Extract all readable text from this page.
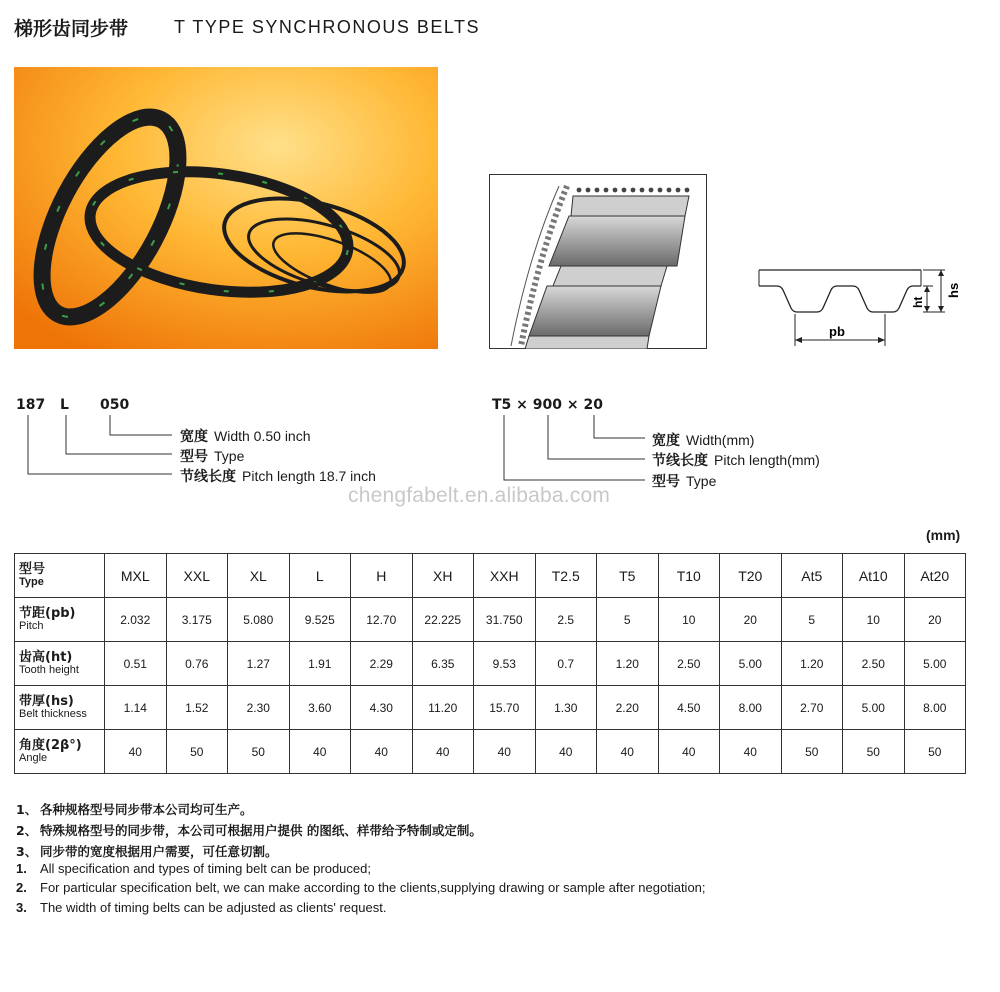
梯形齿同步带	T TYPE SYNCHRONOUS BELTS
pb
ht
hs
187 L 050
宽度 Width 0.50 inch
型号 Type
节线长度 Pitch length 18.7 inch
T5 × 900 × 20
宽度 Width(mm)
节线长度 Pitch length(mm)
型号 Type
chengfabelt.en.alibaba.com
(mm)
型号
Type	MXL	XXL	XL	L	H	XH	XXH	T2.5	T5	T10	T20	At5	At10	At20

节距(pb)
Pitch	2.032	3.175	5.080	9.525	12.70	22.225	31.750	2.5	5	10	20	5	10	20

齿高(ht)
Tooth height	0.51	0.76	1.27	1.91	2.29	6.35	9.53	0.7	1.20	2.50	5.00	1.20	2.50	5.00

带厚(hs)
Belt thickness	1.14	1.52	2.30	3.60	4.30	11.20	15.70	1.30	2.20	4.50	8.00	2.70	5.00	8.00

角度(2β°)
Angle	40	50	50	40	40	40	40	40	40	40	40	50	50	50
1、 各种规格型号同步带本公司均可生产。
2、 特殊规格型号的同步带，本公司可根据用户提供 的图纸、样带给予特制或定制。
3、 同步带的宽度根据用户需要，可任意切割。
1. All specification and types of timing belt can be produced;
2. For particular specification belt, we can make according to the clients,supplying drawing or sample after negotiation;
3. The width of timing belts can be adjusted as clients' request.
